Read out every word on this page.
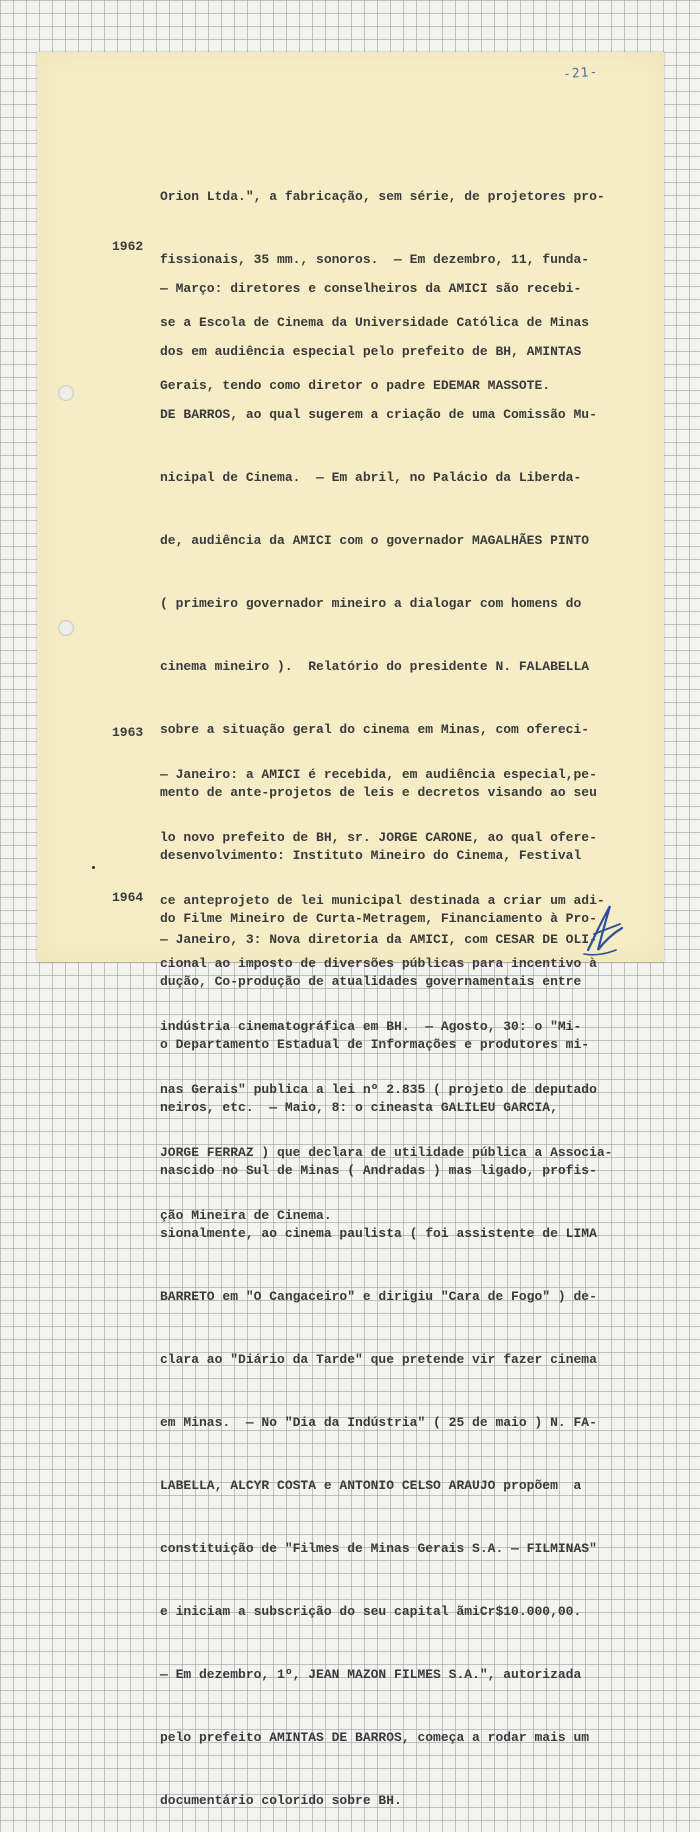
-21-

Orion Ltda.", a fabricação, sem série, de projetores pro-

fissionais, 35 mm., sonoros.  — Em dezembro, 11, funda-

se a Escola de Cinema da Universidade Católica de Minas

Gerais, tendo como diretor o padre EDEMAR MASSOTE.

1962

— Março: diretores e conselheiros da AMICI são recebi-

dos em audiência especial pelo prefeito de BH, AMINTAS

DE BARROS, ao qual sugerem a criação de uma Comissão Mu-

nicipal de Cinema.  — Em abril, no Palácio da Liberda-

de, audiência da AMICI com o governador MAGALHÃES PINTO

( primeiro governador mineiro a dialogar com homens do

cinema mineiro ).  Relatório do presidente N. FALABELLA

sobre a situação geral do cinema em Minas, com ofereci-

mento de ante-projetos de leis e decretos visando ao seu

desenvolvimento: Instituto Mineiro do Cinema, Festival

do Filme Mineiro de Curta-Metragem, Financiamento à Pro-

dução, Co-produção de atualidades governamentais entre

o Departamento Estadual de Informações e produtores mi-

neiros, etc.  — Maio, 8: o cineasta GALILEU GARCIA,

nascido no Sul de Minas ( Andradas ) mas ligado, profis-

sionalmente, ao cinema paulista ( foi assistente de LIMA

BARRETO em "O Cangaceiro" e dirigiu "Cara de Fogo" ) de-

clara ao "Diário da Tarde" que pretende vir fazer cinema

em Minas.  — No "Dia da Indústria" ( 25 de maio ) N. FA-

LABELLA, ALCYR COSTA e ANTONIO CELSO ARAUJO propõem  a

constituição de "Filmes de Minas Gerais S.A. — FILMINAS"

e iniciam a subscrição do seu capital ãmiCr$10.000,00.

— Em dezembro, 1º, JEAN MAZON FILMES S.A.", autorizada

pelo prefeito AMINTAS DE BARROS, começa a rodar mais um

documentário colorido sobre BH.

1963

— Janeiro: a AMICI é recebida, em audiência especial,pe-

lo novo prefeito de BH, sr. JORGE CARONE, ao qual ofere-

ce anteprojeto de lei municipal destinada a criar um adi-

cional ao imposto de diversões públicas para incentivo à

indústria cinematográfica em BH.  — Agosto, 30: o "Mi-

nas Gerais" publica a lei nº 2.835 ( projeto de deputado

JORGE FERRAZ ) que declara de utilidade pública a Associa-

ção Mineira de Cinema.

1964

— Janeiro, 3: Nova diretoria da AMICI, com CESAR DE OLI-
